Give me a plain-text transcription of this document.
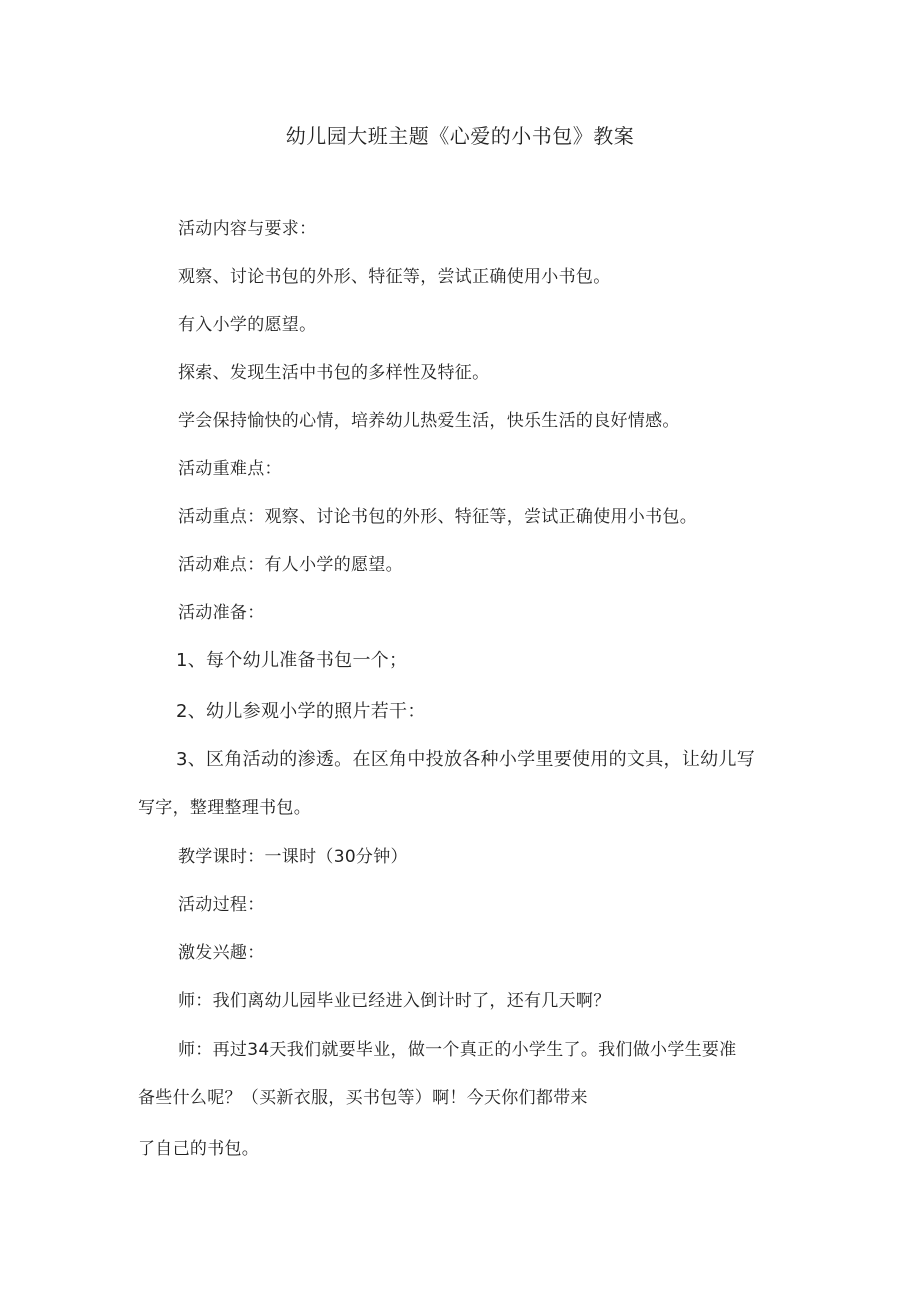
幼儿园大班主题《心爱的小书包》教案
活动内容与要求：
观察、讨论书包的外形、特征等，尝试正确使用小书包。
有入小学的愿望。
探索、发现生活中书包的多样性及特征。
学会保持愉快的心情，培养幼儿热爱生活，快乐生活的良好情感。
活动重难点：
活动重点：观察、讨论书包的外形、特征等，尝试正确使用小书包。
活动难点：有人小学的愿望。
活动准备：
1、每个幼儿准备书包一个；
2、幼儿参观小学的照片若干：
3、区角活动的渗透。在区角中投放各种小学里要使用的文具，让幼儿写
写字，整理整理书包。
教学课时：一课时（30分钟）
活动过程：
激发兴趣：
师：我们离幼儿园毕业已经进入倒计时了，还有几天啊？
师：再过34天我们就要毕业，做一个真正的小学生了。我们做小学生要准
备些什么呢？（买新衣服，买书包等）啊！今天你们都带来
了自己的书包。
